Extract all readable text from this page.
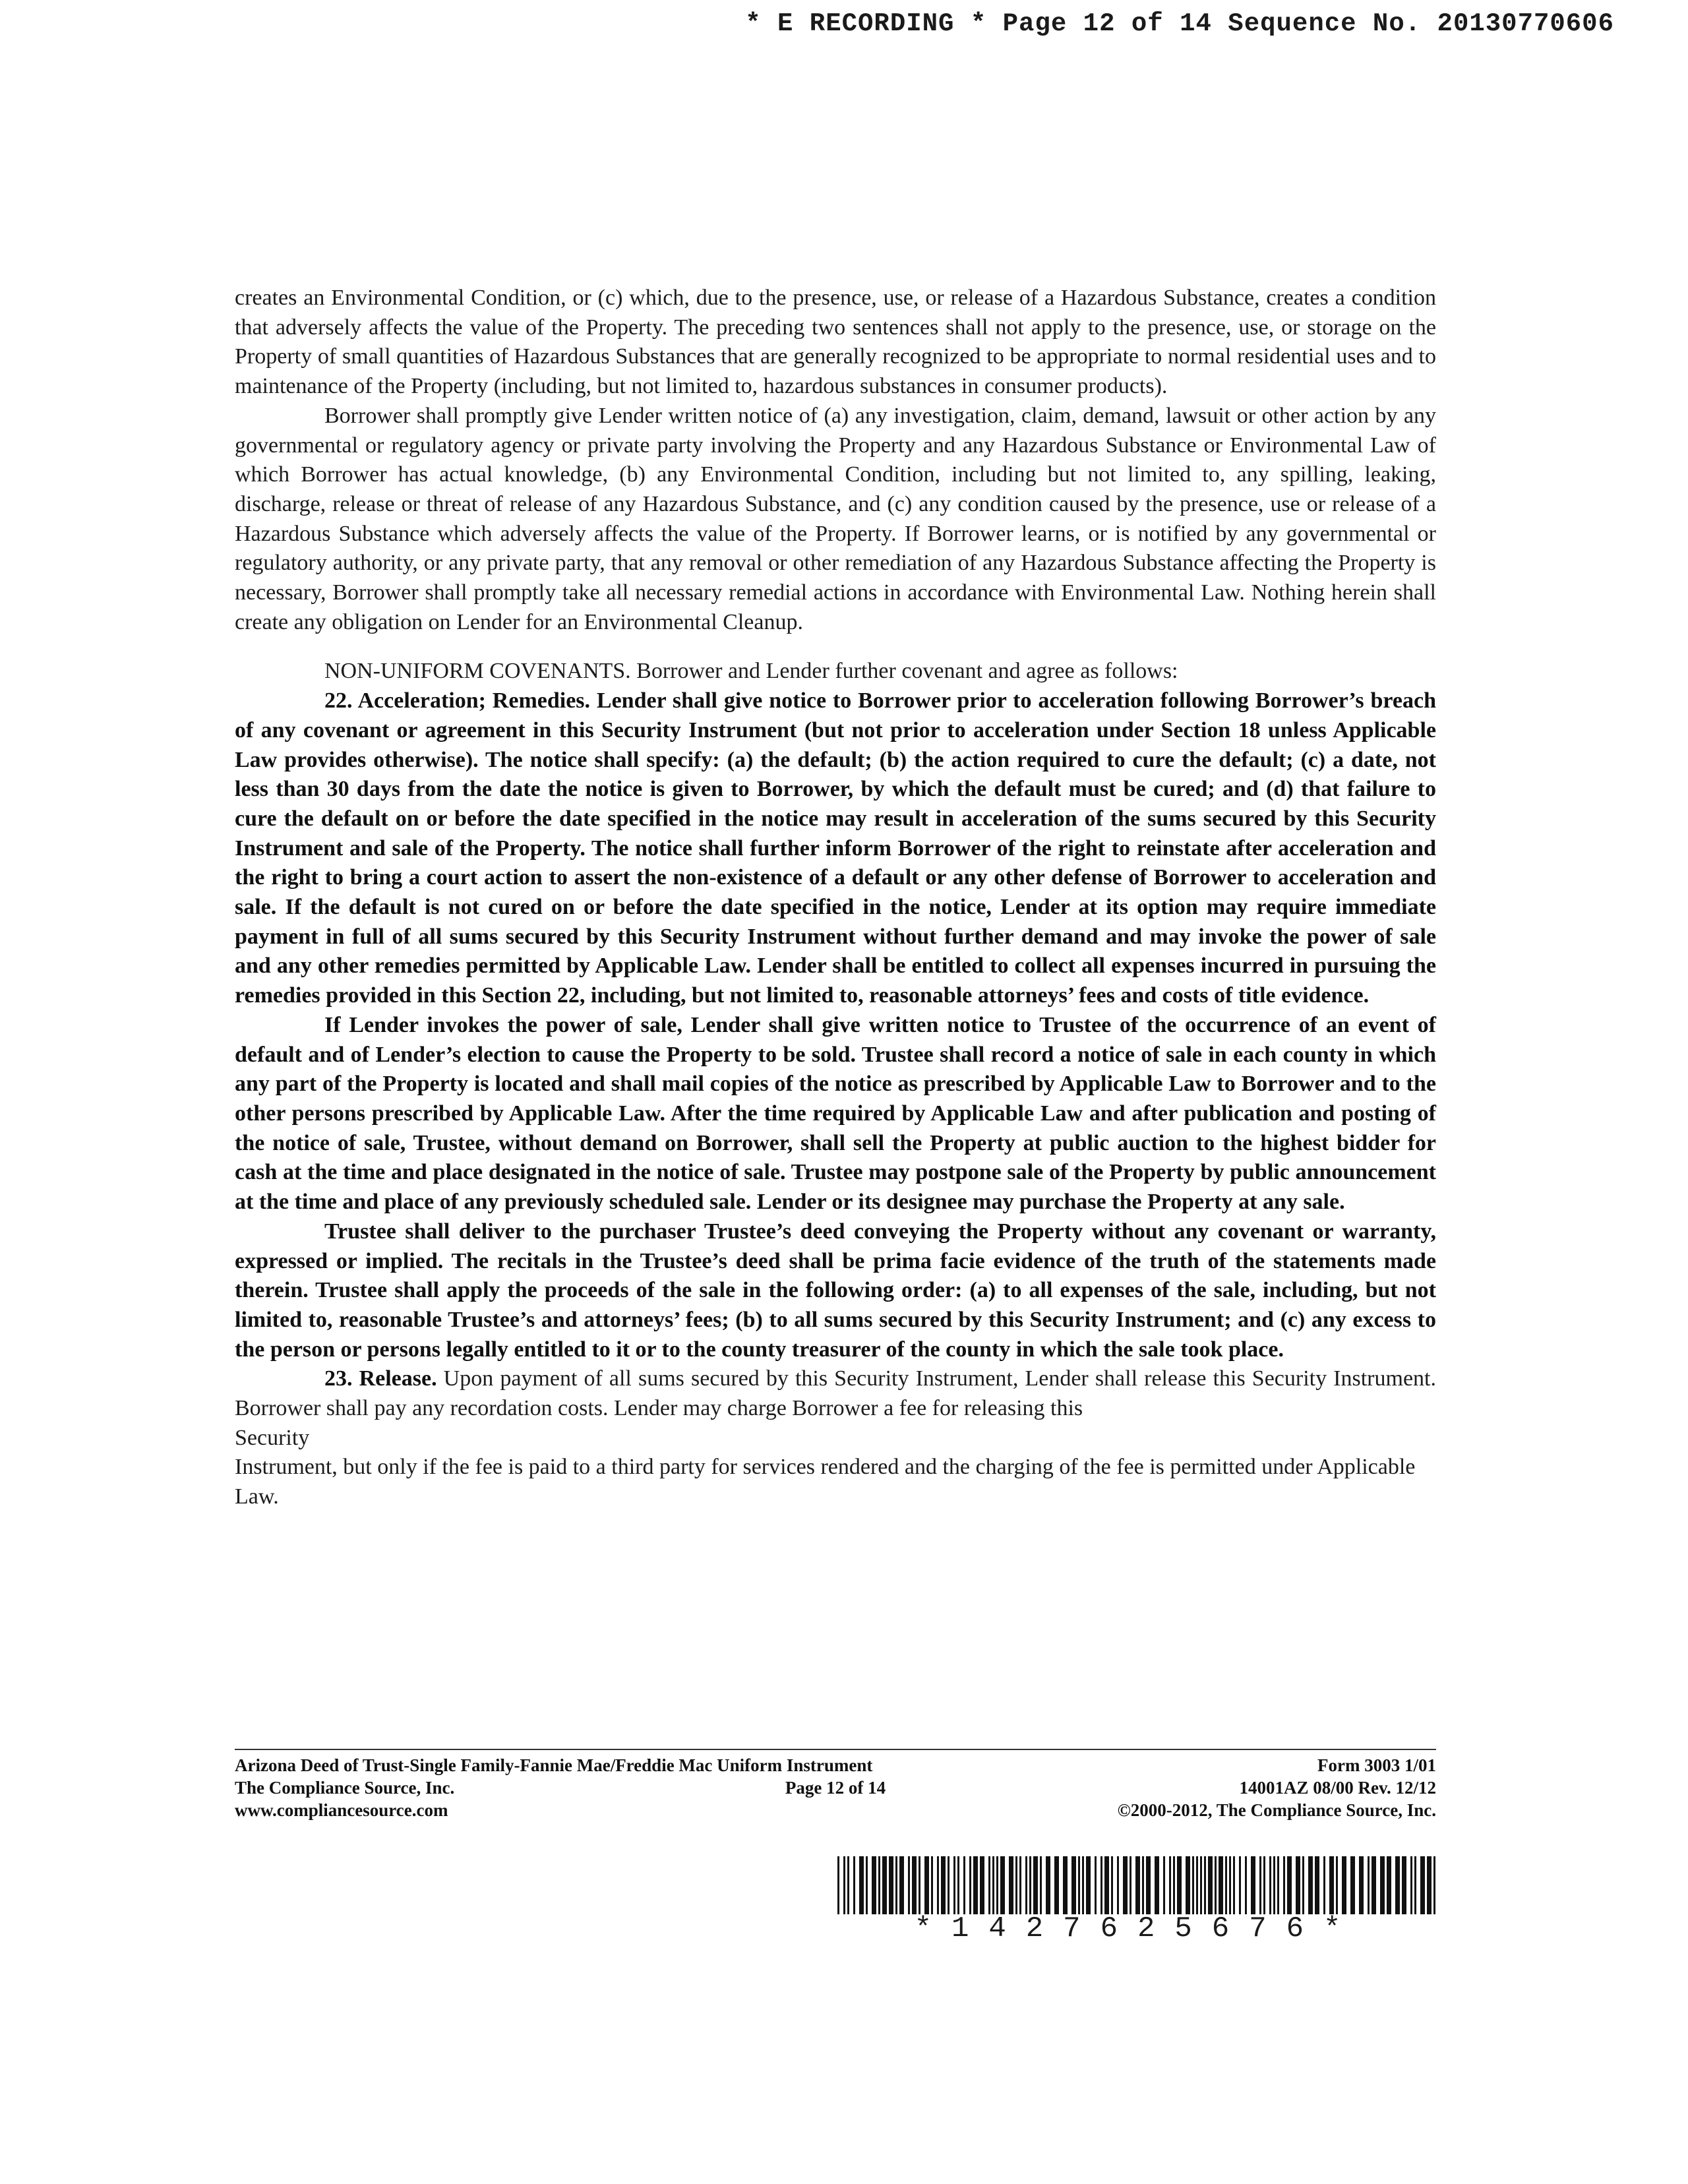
* E RECORDING * Page 12 of 14 Sequence No. 20130770606

creates an Environmental Condition, or (c) which, due to the presence, use, or release of a Hazardous Substance, creates a condition that adversely affects the value of the Property. The preceding two sentences shall not apply to the presence, use, or storage on the Property of small quantities of Hazardous Substances that are generally recognized to be appropriate to normal residential uses and to maintenance of the Property (including, but not limited to, hazardous substances in consumer products).

Borrower shall promptly give Lender written notice of (a) any investigation, claim, demand, lawsuit or other action by any governmental or regulatory agency or private party involving the Property and any Hazardous Substance or Environmental Law of which Borrower has actual knowledge, (b) any Environmental Condition, including but not limited to, any spilling, leaking, discharge, release or threat of release of any Hazardous Substance, and (c) any condition caused by the presence, use or release of a Hazardous Substance which adversely affects the value of the Property. If Borrower learns, or is notified by any governmental or regulatory authority, or any private party, that any removal or other remediation of any Hazardous Substance affecting the Property is necessary, Borrower shall promptly take all necessary remedial actions in accordance with Environmental Law. Nothing herein shall create any obligation on Lender for an Environmental Cleanup.

NON-UNIFORM COVENANTS. Borrower and Lender further covenant and agree as follows:

22. Acceleration; Remedies. Lender shall give notice to Borrower prior to acceleration following Borrower’s breach of any covenant or agreement in this Security Instrument (but not prior to acceleration under Section 18 unless Applicable Law provides otherwise). The notice shall specify: (a) the default; (b) the action required to cure the default; (c) a date, not less than 30 days from the date the notice is given to Borrower, by which the default must be cured; and (d) that failure to cure the default on or before the date specified in the notice may result in acceleration of the sums secured by this Security Instrument and sale of the Property. The notice shall further inform Borrower of the right to reinstate after acceleration and the right to bring a court action to assert the non-existence of a default or any other defense of Borrower to acceleration and sale. If the default is not cured on or before the date specified in the notice, Lender at its option may require immediate payment in full of all sums secured by this Security Instrument without further demand and may invoke the power of sale and any other remedies permitted by Applicable Law. Lender shall be entitled to collect all expenses incurred in pursuing the remedies provided in this Section 22, including, but not limited to, reasonable attorneys’ fees and costs of title evidence.

If Lender invokes the power of sale, Lender shall give written notice to Trustee of the occurrence of an event of default and of Lender’s election to cause the Property to be sold. Trustee shall record a notice of sale in each county in which any part of the Property is located and shall mail copies of the notice as prescribed by Applicable Law to Borrower and to the other persons prescribed by Applicable Law. After the time required by Applicable Law and after publication and posting of the notice of sale, Trustee, without demand on Borrower, shall sell the Property at public auction to the highest bidder for cash at the time and place designated in the notice of sale. Trustee may postpone sale of the Property by public announcement at the time and place of any previously scheduled sale. Lender or its designee may purchase the Property at any sale.

Trustee shall deliver to the purchaser Trustee’s deed conveying the Property without any covenant or warranty, expressed or implied. The recitals in the Trustee’s deed shall be prima facie evidence of the truth of the statements made therein. Trustee shall apply the proceeds of the sale in the following order: (a) to all expenses of the sale, including, but not limited to, reasonable Trustee’s and attorneys’ fees; (b) to all sums secured by this Security Instrument; and (c) any excess to the person or persons legally entitled to it or to the county treasurer of the county in which the sale took place.

23. Release. Upon payment of all sums secured by this Security Instrument, Lender shall release this Security Instrument. Borrower shall pay any recordation costs. Lender may charge Borrower a fee for releasing this

Security

Instrument, but only if the fee is paid to a third party for services rendered and the charging of the fee is permitted under Applicable Law.

Arizona Deed of Trust-Single Family-Fannie Mae/Freddie Mac Uniform Instrument	Form 3003 1/01
The Compliance Source, Inc.	Page 12 of 14	14001AZ 08/00 Rev. 12/12
www.compliancesource.com	©2000-2012, The Compliance Source, Inc.
*1427625676*
